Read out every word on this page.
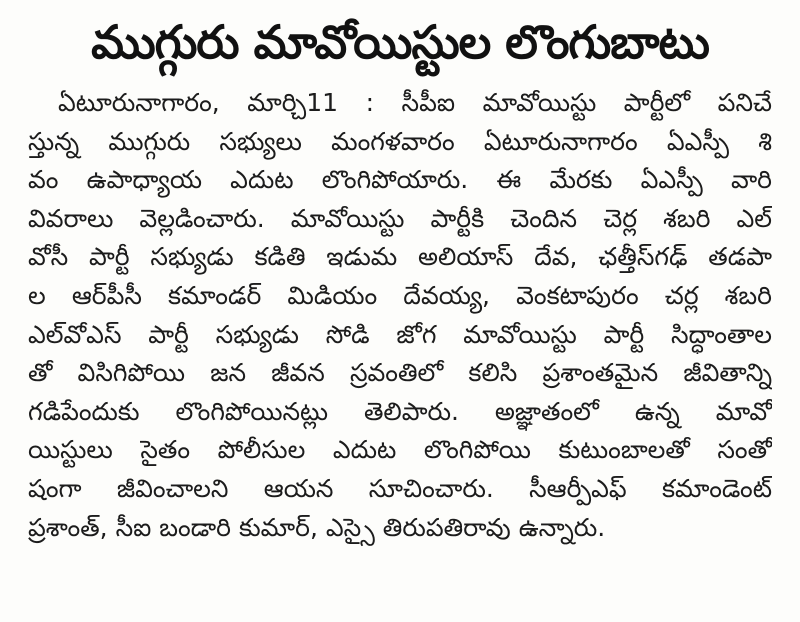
ముగ్గురు మావోయిస్టుల లొంగుబాటు
ఏటూరునాగారం, మార్చి11 : సీపీఐ మావోయిస్టు పార్టీలో పనిచే
స్తున్న ముగ్గురు సభ్యులు మంగళవారం ఏటూరునాగారం ఏఎస్పీ శి
వం ఉపాధ్యాయ ఎదుట లొంగిపోయారు. ఈ మేరకు ఏఎస్పీ వారి
వివరాలు వెల్లడించారు. మావోయిస్టు పార్టీకి చెందిన చెర్ల శబరి ఎల్
వోసీ పార్టీ సభ్యుడు కడితి ఇడుమ అలియాస్ దేవ, ఛత్తీస్‌గఢ్ తడపా
ల ఆర్‌పీసీ కమాండర్ మిడియం దేవయ్య, వెంకటాపురం చర్ల శబరి
ఎల్‌వోఎస్ పార్టీ సభ్యుడు సోడి జోగ మావోయిస్టు పార్టీ సిద్ధాంతాల
తో విసిగిపోయి జన జీవన స్రవంతిలో కలిసి ప్రశాంతమైన జీవితాన్ని
గడిపేందుకు లొంగిపోయినట్లు తెలిపారు. అజ్ఞాతంలో ఉన్న మావో
యిస్టులు సైతం పోలీసుల ఎదుట లొంగిపోయి కుటుంబాలతో సంతో
షంగా జీవించాలని ఆయన సూచించారు. సీఆర్పీఎఫ్ కమాండెంట్
ప్రశాంత్, సీఐ బండారి కుమార్, ఎస్సై తిరుపతిరావు ఉన్నారు.
